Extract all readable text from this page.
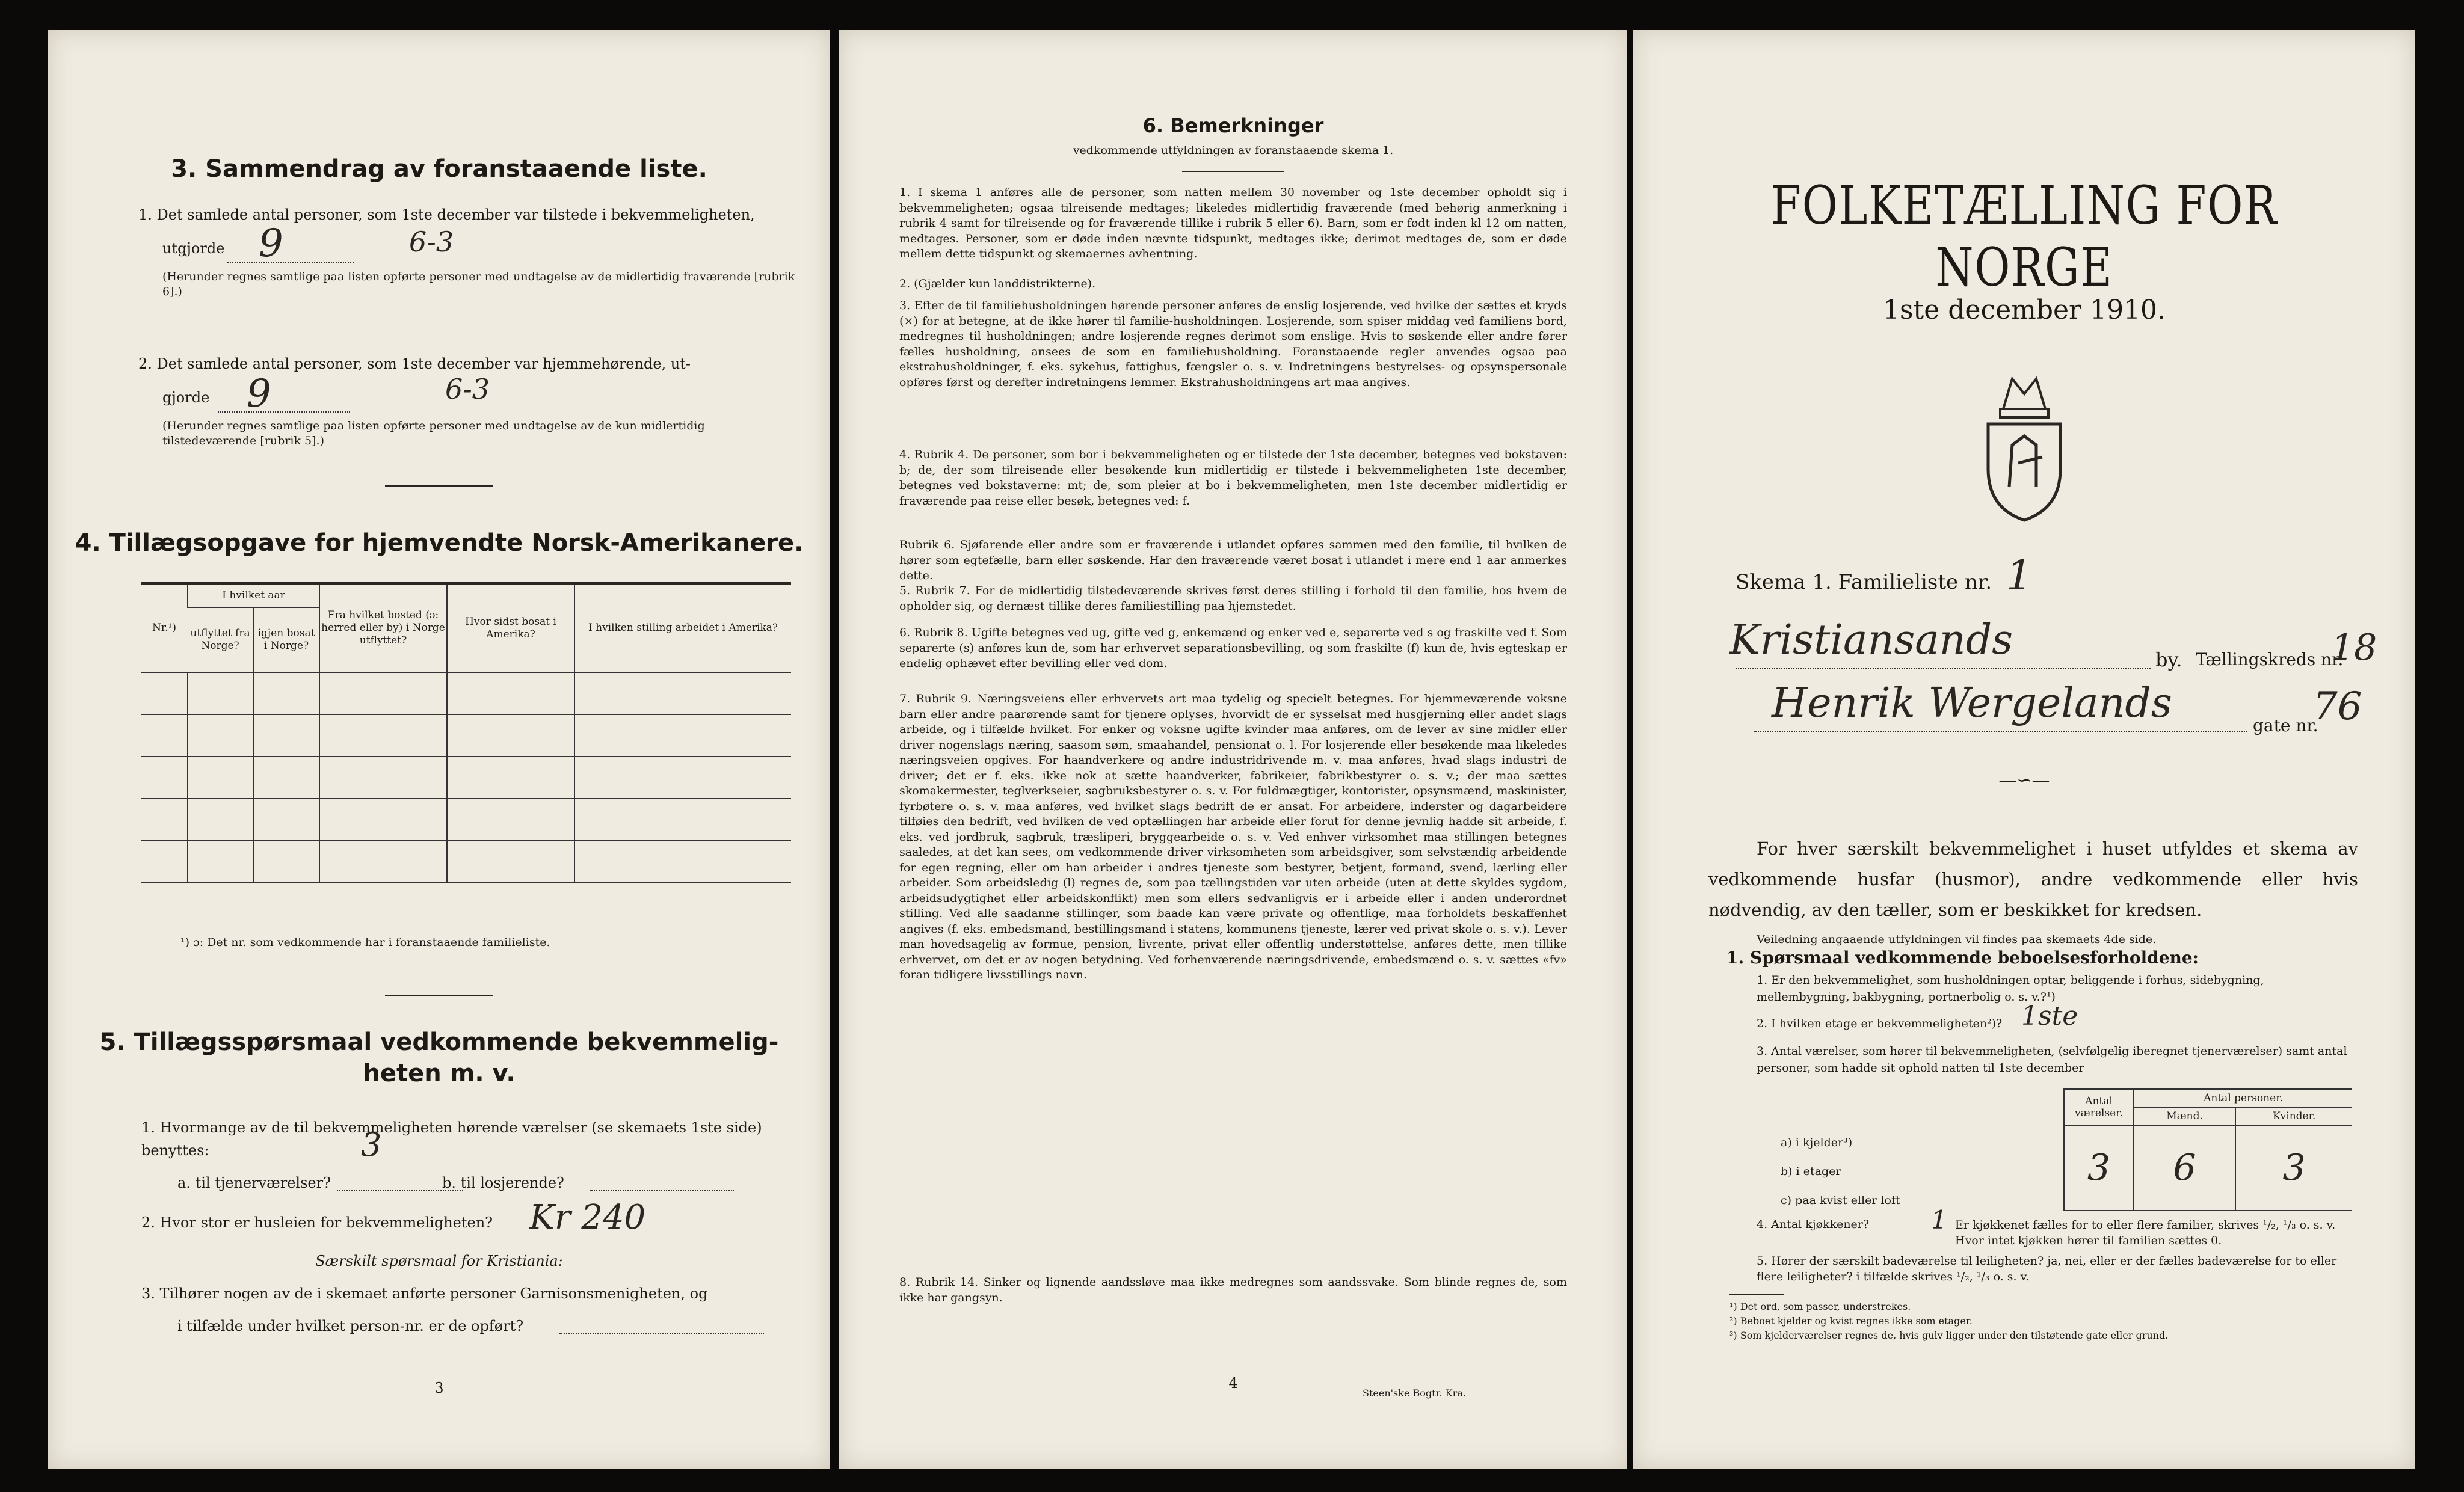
3. Sammendrag av foranstaaende liste.
1. Det samlede antal personer, som 1ste december var tilstede i bekvemmeligheten,
utgjorde 9	6-3
(Herunder regnes samtlige paa listen opførte personer med undtagelse av de midlertidig fraværende [rubrik 6].)
2. Det samlede antal personer, som 1ste december var hjemmehørende, ut-
gjorde 9	6-3
(Herunder regnes samtlige paa listen opførte personer med undtagelse av de kun midlertidig tilstedeværende [rubrik 5].)
4. Tillægsopgave for hjemvendte Norsk-Amerikanere.
Nr.¹)	I hvilket aar		Fra hvilket bosted (ɔ: herred eller by) i Norge utflyttet?	Hvor sidst bosat i Amerika?	I hvilken stilling arbeidet i Amerika?
	utflyttet fra Norge?	igjen bosat i Norge?			

¹) ɔ: Det nr. som vedkommende har i foranstaaende familieliste.
5. Tillægsspørsmaal vedkommende bekvemmelig-
heten m. v.
1. Hvormange av de til bekvemmeligheten hørende værelser (se skemaets 1ste side) benyttes:	3
a. til tjenerværelser?	b. til losjerende?
2. Hvor stor er husleien for bekvemmeligheten? Kr 240
Særskilt spørsmaal for Kristiania:
3. Tilhører nogen av de i skemaet anførte personer Garnisonsmenigheten, og
i tilfælde under hvilket person-nr. er de opført?
3
6. Bemerkninger
vedkommende utfyldningen av foranstaaende skema 1.
1. I skema 1 anføres alle de personer, som natten mellem 30 november og 1ste december opholdt sig i bekvemmeligheten; ogsaa tilreisende medtages; likeledes midlertidig fraværende (med behørig anmerkning i rubrik 4 samt for tilreisende og for fraværende tillike i rubrik 5 eller 6). Barn, som er født inden kl 12 om natten, medtages. Personer, som er døde inden nævnte tidspunkt, medtages ikke; derimot medtages de, som er døde mellem dette tidspunkt og skemaernes avhentning.
2. (Gjælder kun landdistrikterne).
3. Efter de til familiehusholdningen hørende personer anføres de enslig losjerende, ved hvilke der sættes et kryds (×) for at betegne, at de ikke hører til familie-husholdningen. Losjerende, som spiser middag ved familiens bord, medregnes til husholdningen; andre losjerende regnes derimot som enslige. Hvis to søskende eller andre fører fælles husholdning, ansees de som en familiehusholdning. Foranstaaende regler anvendes ogsaa paa ekstrahusholdninger, f. eks. sykehus, fattighus, fængsler o. s. v. Indretningens bestyrelses- og opsynspersonale opføres først og derefter indretningens lemmer. Ekstrahusholdningens art maa angives.
4. Rubrik 4. De personer, som bor i bekvemmeligheten og er tilstede der 1ste december, betegnes ved bokstaven: b; de, der som tilreisende eller besøkende kun midlertidig er tilstede i bekvemmeligheten 1ste december, betegnes ved bokstaverne: mt; de, som pleier at bo i bekvemmeligheten, men 1ste december midlertidig er fraværende paa reise eller besøk, betegnes ved: f.
Rubrik 6. Sjøfarende eller andre som er fraværende i utlandet opføres sammen med den familie, til hvilken de hører som egtefælle, barn eller søskende. Har den fraværende været bosat i utlandet i mere end 1 aar anmerkes dette.
5. Rubrik 7. For de midlertidig tilstedeværende skrives først deres stilling i forhold til den familie, hos hvem de opholder sig, og dernæst tillike deres familiestilling paa hjemstedet.
6. Rubrik 8. Ugifte betegnes ved ug, gifte ved g, enkemænd og enker ved e, separerte ved s og fraskilte ved f. Som separerte (s) anføres kun de, som har erhvervet separationsbevilling, og som fraskilte (f) kun de, hvis egteskap er endelig ophævet efter bevilling eller ved dom.
7. Rubrik 9. Næringsveiens eller erhvervets art maa tydelig og specielt betegnes. For hjemmeværende voksne barn eller andre paarørende samt for tjenere oplyses, hvorvidt de er sysselsat med husgjerning eller andet slags arbeide, og i tilfælde hvilket. For enker og voksne ugifte kvinder maa anføres, om de lever av sine midler eller driver nogenslags næring, saasom søm, smaahandel, pensionat o. l. For losjerende eller besøkende maa likeledes næringsveien opgives. For haandverkere og andre industridrivende m. v. maa anføres, hvad slags industri de driver; det er f. eks. ikke nok at sætte haandverker, fabrikeier, fabrikbestyrer o. s. v.; der maa sættes skomakermester, teglverkseier, sagbruksbestyrer o. s. v. For fuldmægtiger, kontorister, opsynsmænd, maskinister, fyrbøtere o. s. v. maa anføres, ved hvilket slags bedrift de er ansat. For arbeidere, inderster og dagarbeidere tilføies den bedrift, ved hvilken de ved optællingen har arbeide eller forut for denne jevnlig hadde sit arbeide, f. eks. ved jordbruk, sagbruk, træsliperi, bryggearbeide o. s. v. Ved enhver virksomhet maa stillingen betegnes saaledes, at det kan sees, om vedkommende driver virksomheten som arbeidsgiver, som selvstændig arbeidende for egen regning, eller om han arbeider i andres tjeneste som bestyrer, betjent, formand, svend, lærling eller arbeider. Som arbeidsledig (l) regnes de, som paa tællingstiden var uten arbeide (uten at dette skyldes sygdom, arbeidsudygtighet eller arbeidskonflikt) men som ellers sedvanligvis er i arbeide eller i anden underordnet stilling. Ved alle saadanne stillinger, som baade kan være private og offentlige, maa forholdets beskaffenhet angives (f. eks. embedsmand, bestillingsmand i statens, kommunens tjeneste, lærer ved privat skole o. s. v.). Lever man hovedsagelig av formue, pension, livrente, privat eller offentlig understøttelse, anføres dette, men tillike erhvervet, om det er av nogen betydning. Ved forhenværende næringsdrivende, embedsmænd o. s. v. sættes «fv» foran tidligere livsstillings navn.
8. Rubrik 14. Sinker og lignende aandssløve maa ikke medregnes som aandssvake. Som blinde regnes de, som ikke har gangsyn.
4
Steen'ske Bogtr. Kra.
FOLKETÆLLING FOR NORGE
1ste december 1910.
Skema 1. Familieliste nr. 1
Kristiansands	by. Tællingskreds nr.
18
Henrik Wergelands	gate nr.
76
—∽—
For hver særskilt bekvemmelighet i huset utfyldes et skema av vedkommende husfar (husmor), andre vedkommende eller hvis nødvendig, av den tæller, som er beskikket for kredsen.
Veiledning angaaende utfyldningen vil findes paa skemaets 4de side.
1. Spørsmaal vedkommende beboelsesforholdene:
1. Er den bekvemmelighet, som husholdningen optar, beliggende i forhus, sidebygning, mellembygning, bakbygning, portnerbolig o. s. v.?¹)
2. I hvilken etage er bekvemmeligheten²)? 1ste
3. Antal værelser, som hører til bekvemmeligheten, (selvfølgelig iberegnet tjenerværelser) samt antal personer, som hadde sit ophold natten til 1ste december
Antal værelser.	Antal personer.	
	Mænd.	Kvinder.
3	6	3
a) i kjelder³)
b) i etager
c) paa kvist eller loft
4. Antal kjøkkener? 1 Er kjøkkenet fælles for to eller flere familier, skrives ¹/₂, ¹/₃ o. s. v. Hvor intet kjøkken hører til familien sættes 0.
5. Hører der særskilt badeværelse til leiligheten? ja, nei, eller er der fælles badeværelse for to eller flere leiligheter? i tilfælde skrives ¹/₂, ¹/₃ o. s. v.
¹) Det ord, som passer, understrekes.
²) Beboet kjelder og kvist regnes ikke som etager.
³) Som kjelderværelser regnes de, hvis gulv ligger under den tilstøtende gate eller grund.
